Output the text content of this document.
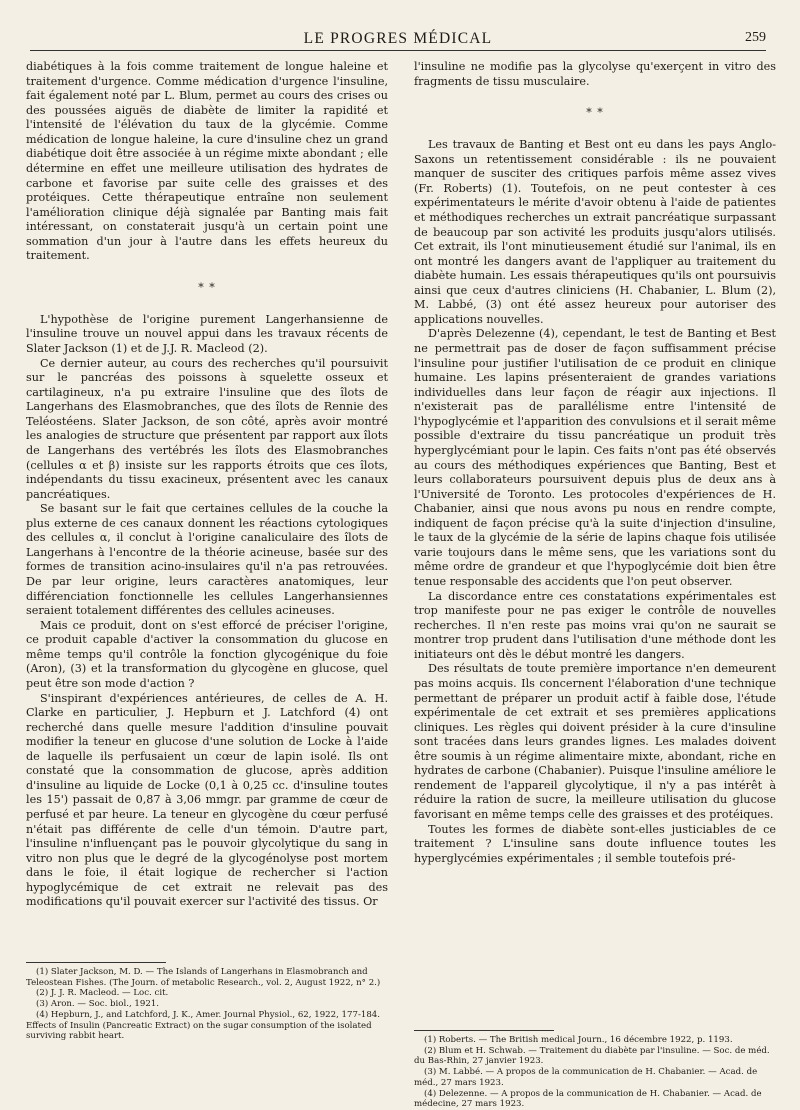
LE PROGRES MÉDICAL	259

diabétiques à la fois comme traitement de longue haleine et traitement d'urgence. Comme médication d'urgence l'insuline, fait également noté par L. Blum, permet au cours des crises ou des poussées aiguës de diabète de limiter la rapidité et l'intensité de l'élévation du taux de la glycémie. Comme médication de longue haleine, la cure d'insuline chez un grand diabétique doit être associée à un régime mixte abondant ; elle détermine en effet une meilleure utilisation des hydrates de carbone et favorise par suite celle des graisses et des protéiques. Cette thérapeutique entraîne non seulement l'amélioration clinique déjà signalée par Banting mais fait intéressant, on constaterait jusqu'à un certain point une sommation d'un jour à l'autre dans les effets heureux du traitement.

* *

L'hypothèse de l'origine purement Langerhansienne de l'insuline trouve un nouvel appui dans les travaux récents de Slater Jackson (1) et de J.J. R. Macleod (2).

Ce dernier auteur, au cours des recherches qu'il poursuivit sur le pancréas des poissons à squelette osseux et cartilagineux, n'a pu extraire l'insuline que des îlots de Langerhans des Elasmobranches, que des îlots de Rennie des Teléostéens. Slater Jackson, de son côté, après avoir montré les analogies de structure que présentent par rapport aux îlots de Langerhans des vertébrés les îlots des Elasmobranches (cellules α et β) insiste sur les rapports étroits que ces îlots, indépendants du tissu exacineux, présentent avec les canaux pancréatiques.

Se basant sur le fait que certaines cellules de la couche la plus externe de ces canaux donnent les réactions cytologiques des cellules α, il conclut à l'origine canaliculaire des îlots de Langerhans à l'encontre de la théorie acineuse, basée sur des formes de transition acino-insulaires qu'il n'a pas retrouvées. De par leur origine, leurs caractères anatomiques, leur différenciation fonctionnelle les cellules Langerhansiennes seraient totalement différentes des cellules acineuses.

Mais ce produit, dont on s'est efforcé de préciser l'origine, ce produit capable d'activer la consommation du glucose en même temps qu'il contrôle la fonction glycogénique du foie (Aron), (3) et la transformation du glycogène en glucose, quel peut être son mode d'action ?

S'inspirant d'expériences antérieures, de celles de A. H. Clarke en particulier, J. Hepburn et J. Latchford (4) ont recherché dans quelle mesure l'addition d'insuline pouvait modifier la teneur en glucose d'une solution de Locke à l'aide de laquelle ils perfusaient un cœur de lapin isolé. Ils ont constaté que la consommation de glucose, après addition d'insuline au liquide de Locke (0,1 à 0,25 cc. d'insuline toutes les 15') passait de 0,87 à 3,06 mmgr. par gramme de cœur de perfusé et par heure. La teneur en glycogène du cœur perfusé n'était pas différente de celle d'un témoin. D'autre part, l'insuline n'influençant pas le pouvoir glycolytique du sang in vitro non plus que le degré de la glycogénolyse post mortem dans le foie, il était logique de rechercher si l'action hypoglycémique de cet extrait ne relevait pas des modifications qu'il pouvait exercer sur l'activité des tissus. Or

(1) Slater Jackson, M. D. — The Islands of Langerhans in Elasmobranch and Teleostean Fishes. (The Journ. of metabolic Research., vol. 2, August 1922, n° 2.)
(2) J. J. R. Macleod. — Loc. cit.
(3) Aron. — Soc. biol., 1921.
(4) Hepburn, J., and Latchford, J. K., Amer. Journal Physiol., 62, 1922, 177-184. Effects of Insulin (Pancreatic Extract) on the sugar consumption of the isolated surviving rabbit heart.

l'insuline ne modifie pas la glycolyse qu'exerçent in vitro des fragments de tissu musculaire.

* *

Les travaux de Banting et Best ont eu dans les pays Anglo-Saxons un retentissement considérable : ils ne pouvaient manquer de susciter des critiques parfois même assez vives (Fr. Roberts) (1). Toutefois, on ne peut contester à ces expérimentateurs le mérite d'avoir obtenu à l'aide de patientes et méthodiques recherches un extrait pancréatique surpassant de beaucoup par son activité les produits jusqu'alors utilisés. Cet extrait, ils l'ont minutieusement étudié sur l'animal, ils en ont montré les dangers avant de l'appliquer au traitement du diabète humain. Les essais thérapeutiques qu'ils ont poursuivis ainsi que ceux d'autres cliniciens (H. Chabanier, L. Blum (2), M. Labbé, (3) ont été assez heureux pour autoriser des applications nouvelles.

D'après Delezenne (4), cependant, le test de Banting et Best ne permettrait pas de doser de façon suffisamment précise l'insuline pour justifier l'utilisation de ce produit en clinique humaine. Les lapins présenteraient de grandes variations individuelles dans leur façon de réagir aux injections. Il n'existerait pas de parallélisme entre l'intensité de l'hypoglycémie et l'apparition des convulsions et il serait même possible d'extraire du tissu pancréatique un produit très hyperglycémiant pour le lapin. Ces faits n'ont pas été observés au cours des méthodiques expériences que Banting, Best et leurs collaborateurs poursuivent depuis plus de deux ans à l'Université de Toronto. Les protocoles d'expériences de H. Chabanier, ainsi que nous avons pu nous en rendre compte, indiquent de façon précise qu'à la suite d'injection d'insuline, le taux de la glycémie de la série de lapins chaque fois utilisée varie toujours dans le même sens, que les variations sont du même ordre de grandeur et que l'hypoglycémie doit bien être tenue responsable des accidents que l'on peut observer.

La discordance entre ces constatations expérimentales est trop manifeste pour ne pas exiger le contrôle de nouvelles recherches. Il n'en reste pas moins vrai qu'on ne saurait se montrer trop prudent dans l'utilisation d'une méthode dont les initiateurs ont dès le début montré les dangers.

Des résultats de toute première importance n'en demeurent pas moins acquis. Ils concernent l'élaboration d'une technique permettant de préparer un produit actif à faible dose, l'étude expérimentale de cet extrait et ses premières applications cliniques. Les règles qui doivent présider à la cure d'insuline sont tracées dans leurs grandes lignes. Les malades doivent être soumis à un régime alimentaire mixte, abondant, riche en hydrates de carbone (Chabanier). Puisque l'insuline améliore le rendement de l'appareil glycolytique, il n'y a pas intérêt à réduire la ration de sucre, la meilleure utilisation du glucose favorisant en même temps celle des graisses et des protéiques.

Toutes les formes de diabète sont-elles justiciables de ce traitement ? L'insuline sans doute influence toutes les hyperglycémies expérimentales ; il semble toutefois pré-

(1) Roberts. — The British medical Journ., 16 décembre 1922, p. 1193.
(2) Blum et H. Schwab. — Traitement du diabète par l'insuline. — Soc. de méd. du Bas-Rhin, 27 janvier 1923.
(3) M. Labbé. — A propos de la communication de H. Chabanier. — Acad. de méd., 27 mars 1923.
(4) Delezenne. — A propos de la communication de H. Chabanier. — Acad. de médecine, 27 mars 1923.
